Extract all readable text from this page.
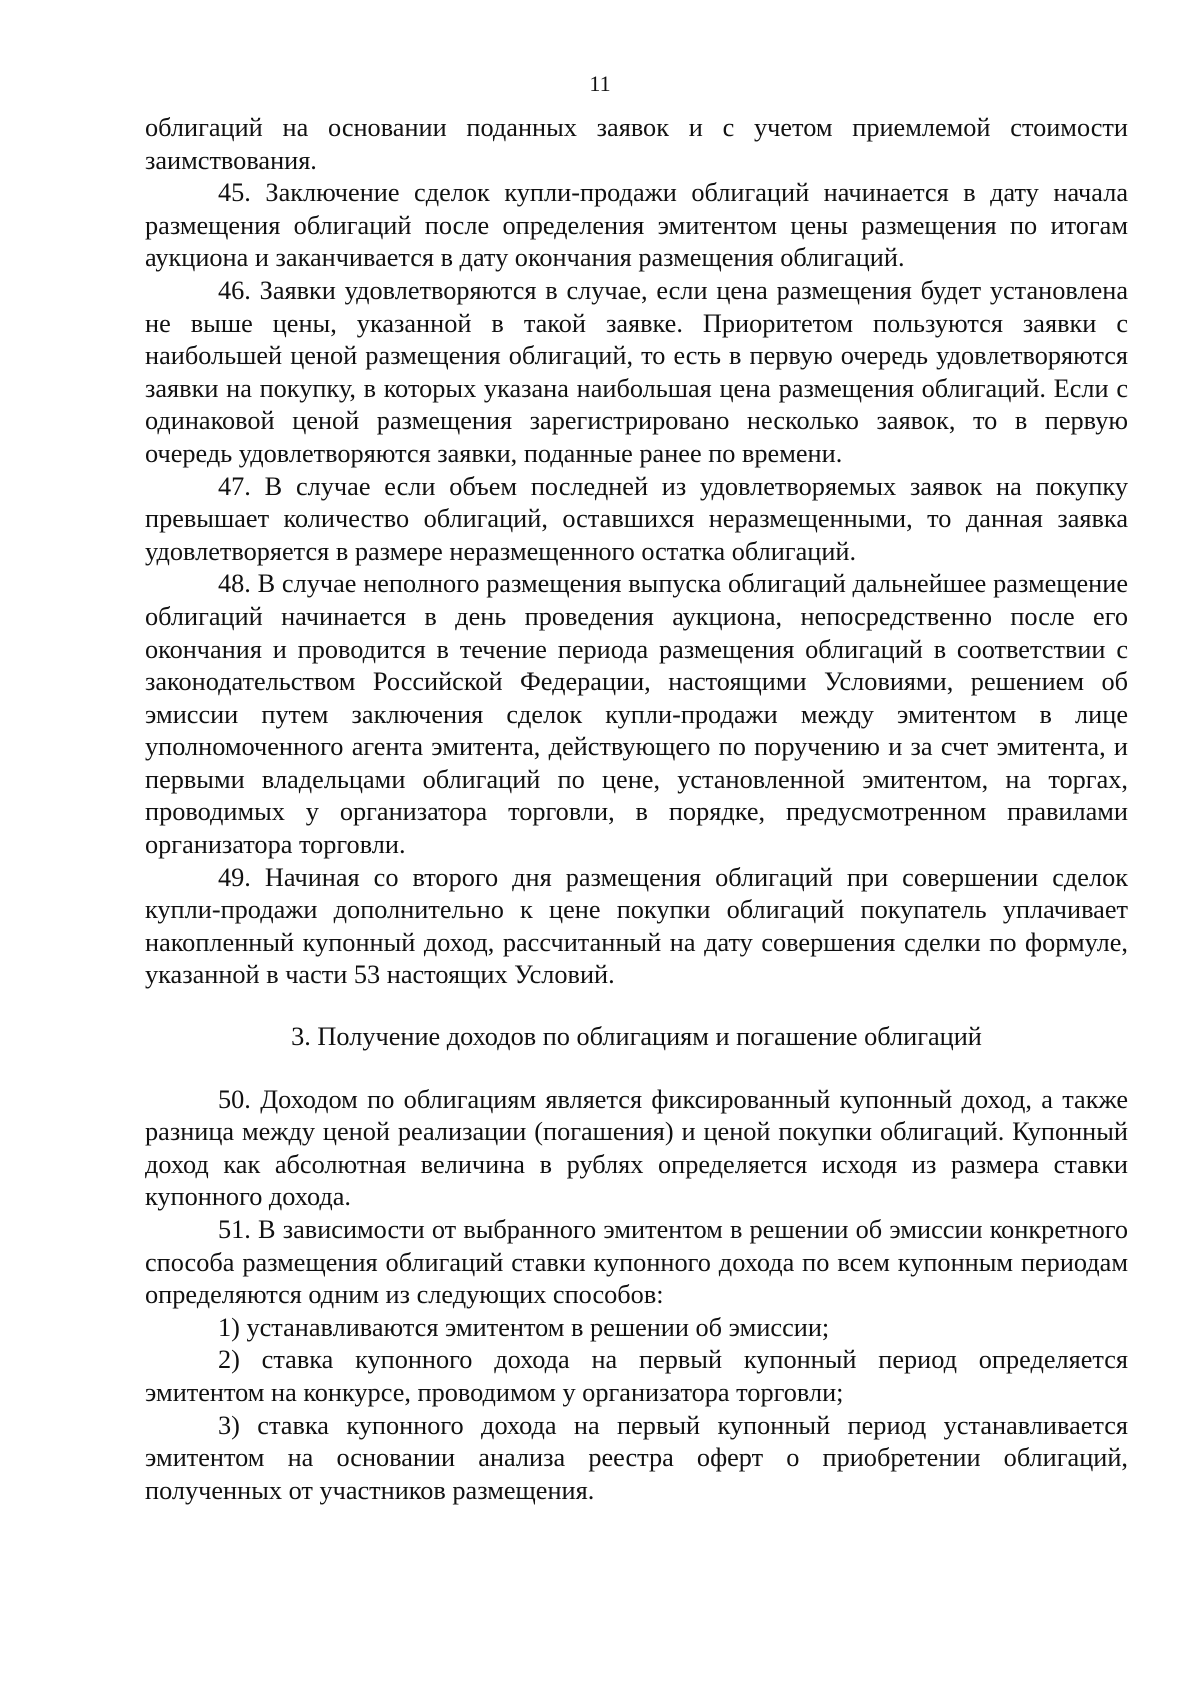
11

облигаций на основании поданных заявок и с учетом приемлемой стоимости заимствования.

45. Заключение сделок купли-продажи облигаций начинается в дату начала размещения облигаций после определения эмитентом цены размещения по итогам аукциона и заканчивается в дату окончания размещения облигаций.

46. Заявки удовлетворяются в случае, если цена размещения будет установлена не выше цены, указанной в такой заявке. Приоритетом пользуются заявки с наибольшей ценой размещения облигаций, то есть в первую очередь удовлетворяются заявки на покупку, в которых указана наибольшая цена размещения облигаций. Если с одинаковой ценой размещения зарегистрировано несколько заявок, то в первую очередь удовлетворяются заявки, поданные ранее по времени.

47. В случае если объем последней из удовлетворяемых заявок на покупку превышает количество облигаций, оставшихся неразмещенными, то данная заявка удовлетворяется в размере неразмещенного остатка облигаций.

48. В случае неполного размещения выпуска облигаций дальнейшее размещение облигаций начинается в день проведения аукциона, непосредственно после его окончания и проводится в течение периода размещения облигаций в соответствии с законодательством Российской Федерации, настоящими Условиями, решением об эмиссии путем заключения сделок купли-продажи между эмитентом в лице уполномоченного агента эмитента, действующего по поручению и за счет эмитента, и первыми владельцами облигаций по цене, установленной эмитентом, на торгах, проводимых у организатора торговли, в порядке, предусмотренном правилами организатора торговли.

49. Начиная со второго дня размещения облигаций при совершении сделок купли-продажи дополнительно к цене покупки облигаций покупатель уплачивает накопленный купонный доход, рассчитанный на дату совершения сделки по формуле, указанной в части 53 настоящих Условий.

3. Получение доходов по облигациям и погашение облигаций

50. Доходом по облигациям является фиксированный купонный доход, а также разница между ценой реализации (погашения) и ценой покупки облигаций. Купонный доход как абсолютная величина в рублях определяется исходя из размера ставки купонного дохода.

51. В зависимости от выбранного эмитентом в решении об эмиссии конкретного способа размещения облигаций ставки купонного дохода по всем купонным периодам определяются одним из следующих способов:

1) устанавливаются эмитентом в решении об эмиссии;

2) ставка купонного дохода на первый купонный период определяется эмитентом на конкурсе, проводимом у организатора торговли;

3) ставка купонного дохода на первый купонный период устанавливается эмитентом на основании анализа реестра оферт о приобретении облигаций, полученных от участников размещения.
